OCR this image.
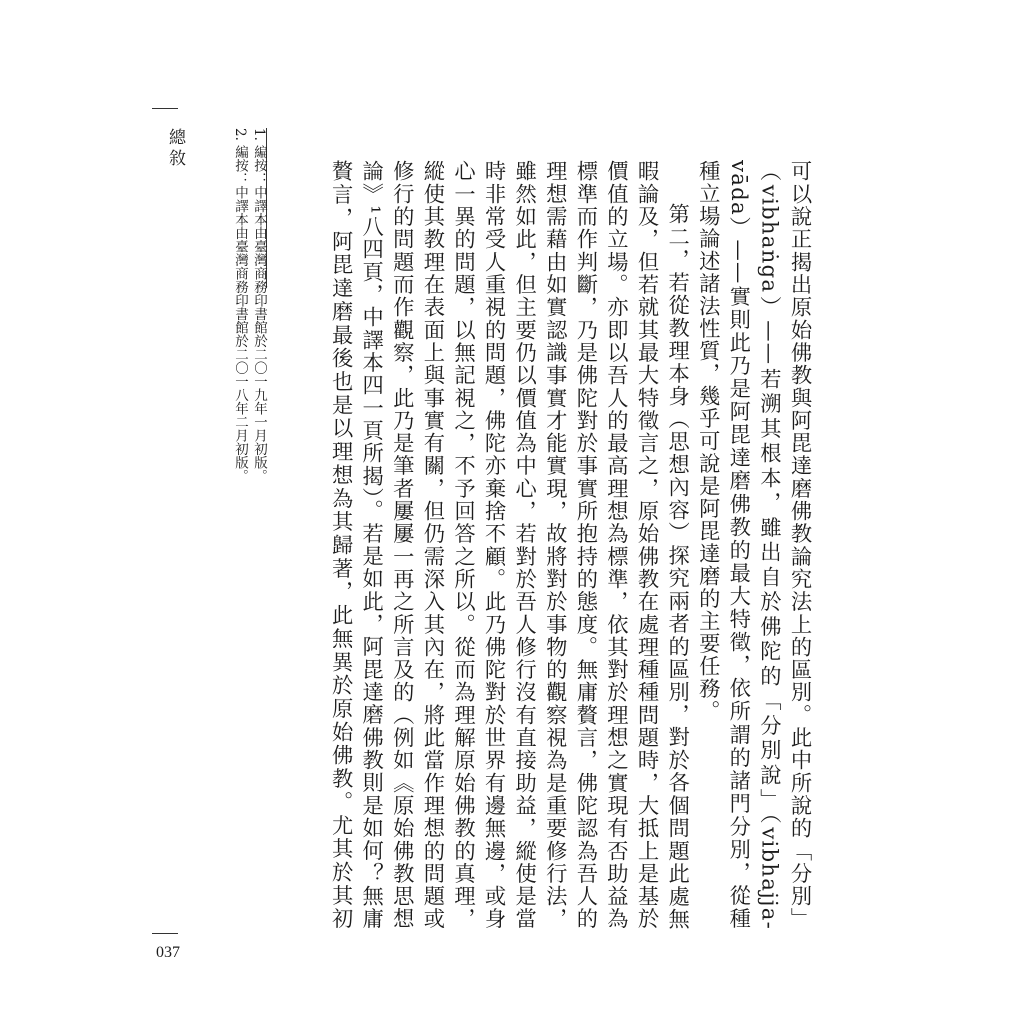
總敘
037
1. 編按：中譯本由臺灣商務印書館於二〇一九年一月初版。
2. 編按：中譯本由臺灣商務印書館於二〇一八年二月初版。	可以說正揭出原始佛教與阿毘達磨佛教論究法上的區別。此中所說的「分別」（vibhaṅga）——若溯其根本，雖出自於佛陀的「分別說」（vibhajja-vāda）——實則此乃是阿毘達磨佛教的最大特徵，依所謂的諸門分別，從種種立場論述諸法性質，幾乎可說是阿毘達磨的主要任務。

第二，若從教理本身（思想內容）探究兩者的區別，對於各個問題此處無暇論及，但若就其最大特徵言之，原始佛教在處理種種問題時，大抵上是基於價值的立場。亦即以吾人的最高理想為標準，依其對於理想之實現有否助益為標準而作判斷，乃是佛陀對於事實所抱持的態度。無庸贅言，佛陀認為吾人的理想需藉由如實認識事實才能實現，故將對於事物的觀察視為是重要修行法，雖然如此，但主要仍以價值為中心，若對於吾人修行沒有直接助益，縱使是當時非常受人重視的問題，佛陀亦棄捨不顧。此乃佛陀對於世界有邊無邊，或身心一異的問題，以無記視之，不予回答之所以。從而為理解原始佛教的真理，縱使其教理在表面上與事實有關，但仍需深入其內在，將此當作理想的問題或修行的問題而作觀察，此乃是筆者屢屢一再之所言及的（例如《原始佛教思想論》¹八四頁，中譯本四一頁所揭）。若是如此，阿毘達磨佛教則是如何？無庸贅言，阿毘達磨最後也是以理想為其歸著，此無異於原始佛教。尤其於其初
